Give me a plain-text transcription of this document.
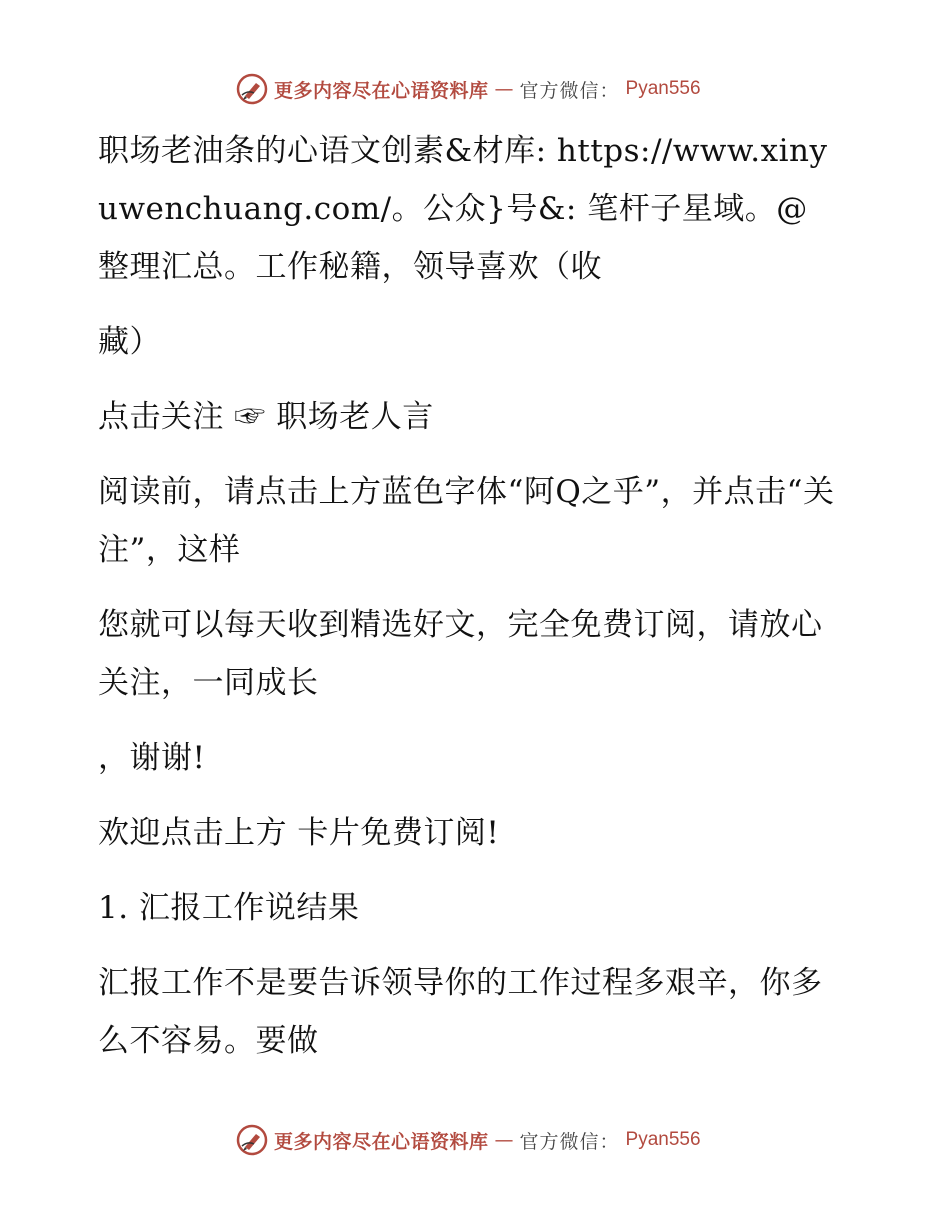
更多内容尽在心语资料库 — 官方微信： Pyan556

职场老油条的心语文创素&材库: https://www.xinyuwenchuang.com/。公众}号&: 笔杆子星域。@整理汇总。工作秘籍，领导喜欢（收

藏）

点击关注 ☞ 职场老人言

阅读前，请点击上方蓝色字体“阿Q之乎”，并点击“关注”，这样

您就可以每天收到精选好文，完全免费订阅，请放心关注，一同成长

，谢谢!

欢迎点击上方 卡片免费订阅!

1. 汇报工作说结果

汇报工作不是要告诉领导你的工作过程多艰辛，你多么不容易。要做

更多内容尽在心语资料库 — 官方微信： Pyan556
